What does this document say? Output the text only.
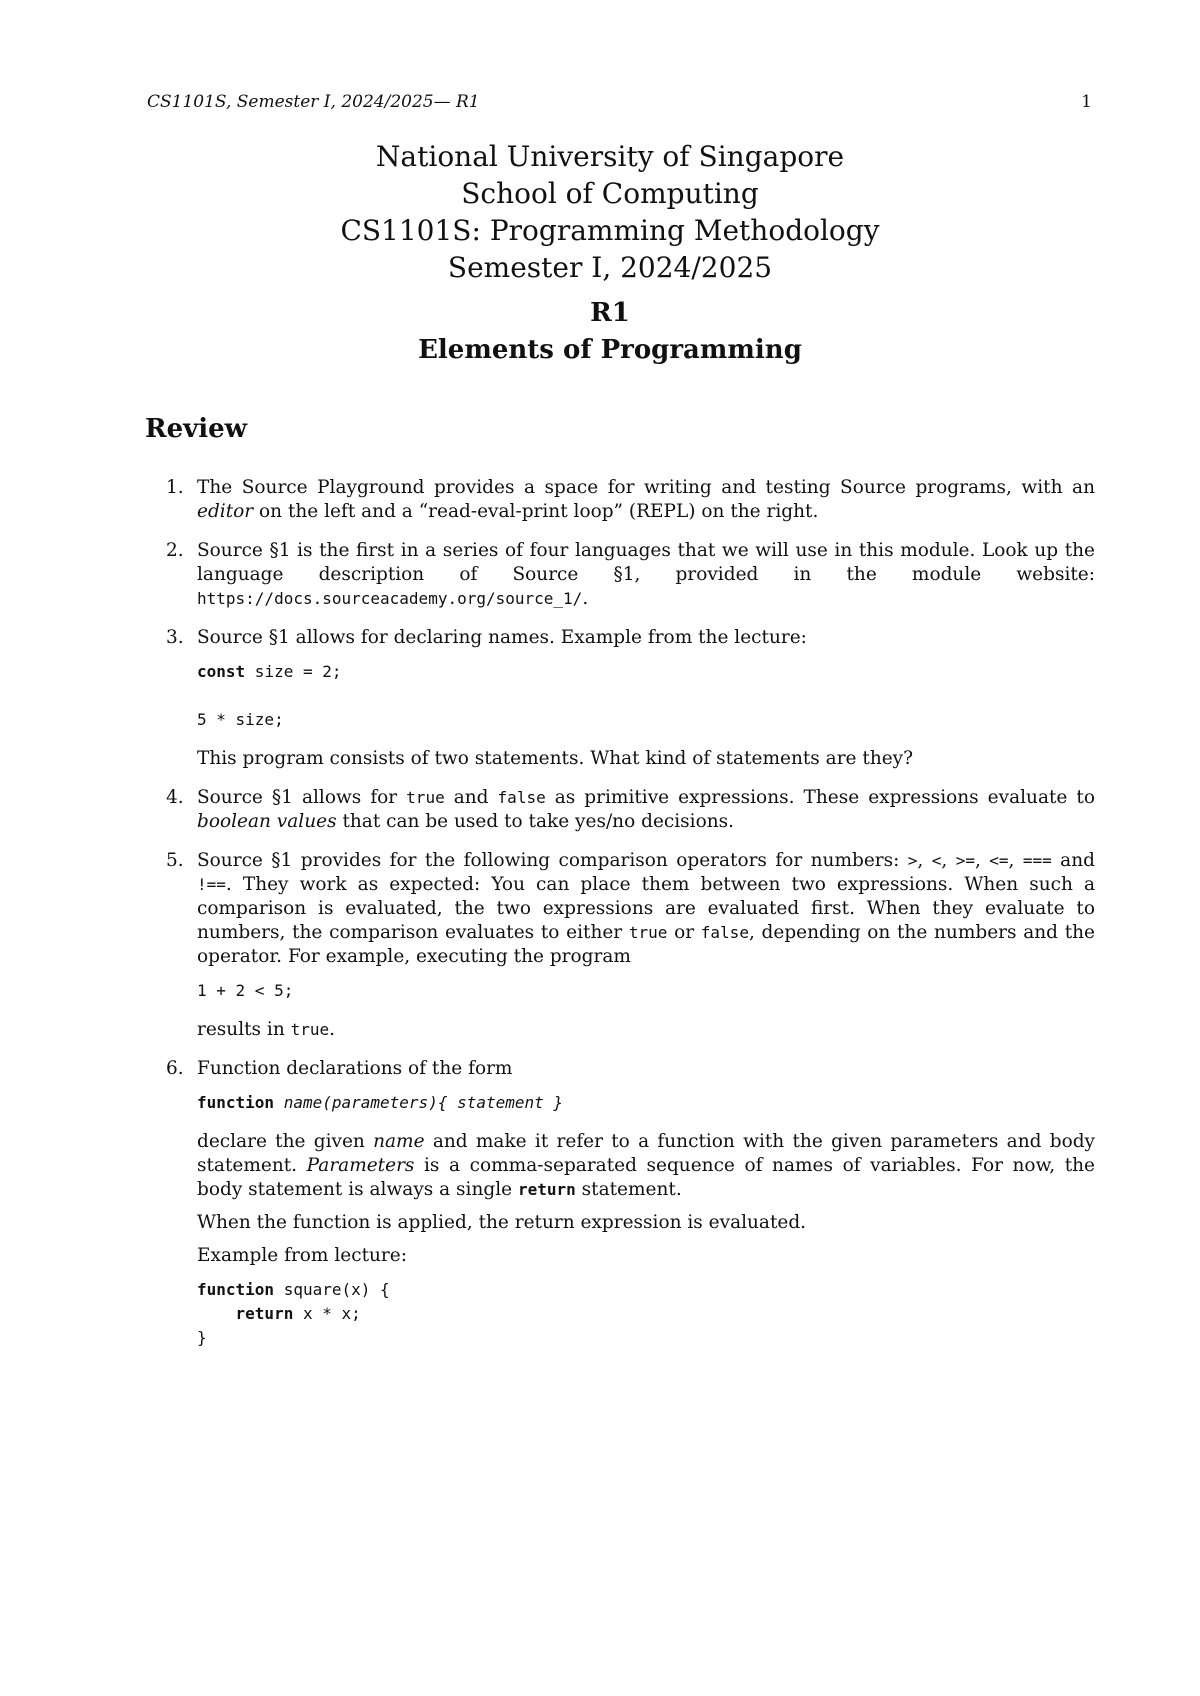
CS1101S, Semester I, 2024/2025— R1	1
National University of Singapore
School of Computing
CS1101S: Programming Methodology
Semester I, 2024/2025
R1
Elements of Programming
Review
1. The Source Playground provides a space for writing and testing Source programs, with an editor on the left and a “read-eval-print loop” (REPL) on the right.

2. Source §1 is the first in a series of four languages that we will use in this module. Look up the language description of Source §1, provided in the module website: https://docs.sourceacademy.org/source_1/.

3. Source §1 allows for declaring names. Example from the lecture:

const size = 2;

5 * size;

This program consists of two statements. What kind of statements are they?

4. Source §1 allows for true and false as primitive expressions. These expressions evaluate to boolean values that can be used to take yes/no decisions.

5. Source §1 provides for the following comparison operators for numbers: >, <, >=, <=, === and !==. They work as expected: You can place them between two expressions. When such a comparison is evaluated, the two expressions are evaluated first. When they evaluate to numbers, the comparison evaluates to either true or false, depending on the numbers and the operator. For example, executing the program

1 + 2 < 5;

results in true.

6. Function declarations of the form

function name(parameters){ statement }

declare the given name and make it refer to a function with the given parameters and body statement. Parameters is a comma-separated sequence of names of variables. For now, the body statement is always a single return statement.

When the function is applied, the return expression is evaluated.

Example from lecture:

function square(x) {
return x * x;
}
